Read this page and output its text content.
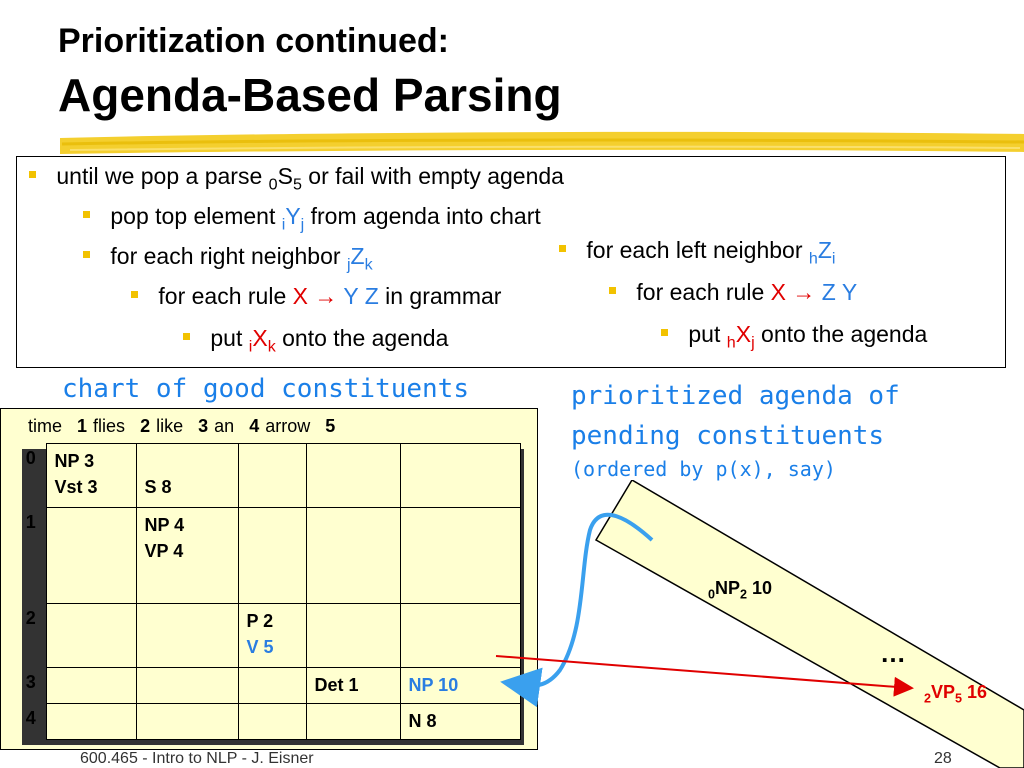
Prioritization continued:
Agenda-Based Parsing
until we pop a parse $_0S_5$ or fail with empty agenda
pop top element $_iY_j$ from agenda into chart
for each right neighbor $_jZ_k$
for each rule X → Y Z in grammar
put $_iX_k$ onto the agenda
for each left neighbor $_hZ_i$
for each rule X → Z Y
put $_hX_j$ onto the agenda
chart of good constituents	prioritized agenda of
pending constituents
(ordered by p(x), say)
time 1 flies 2 like 3 an 4 arrow 5
0	NP 3
Vst 3	S 8			

1		NP 4
VP 4			

2			P 2
V 5		

3				Det 1	NP 10

4					N 8
$_0NP_2$ 10
…
$_2VP_5$ 16
600.465 - Intro to NLP - J. Eisner	28
